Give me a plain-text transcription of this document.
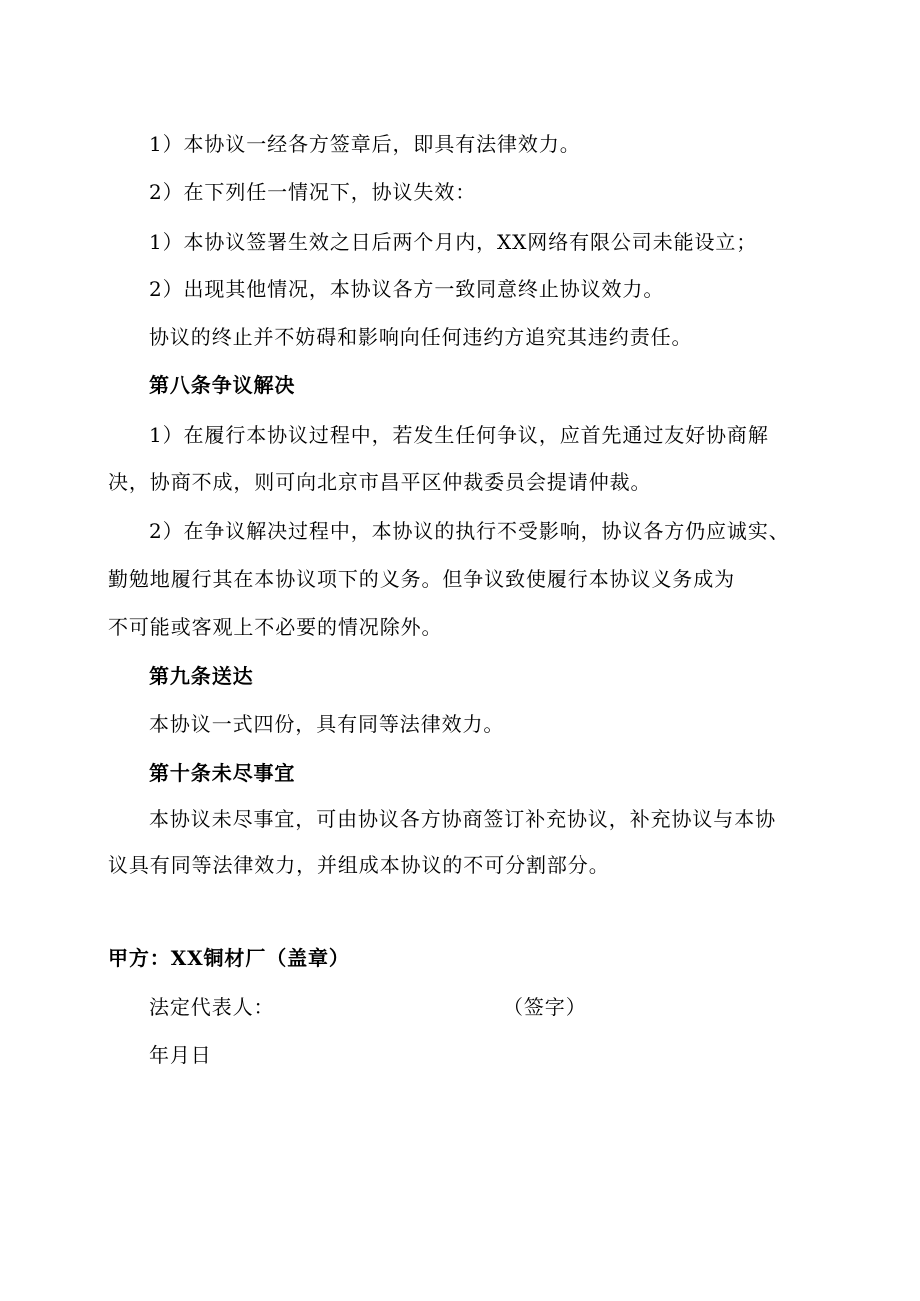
1）本协议一经各方签章后，即具有法律效力。
2）在下列任一情况下，协议失效：
1）本协议签署生效之日后两个月内，XX网络有限公司未能设立；
2）出现其他情况，本协议各方一致同意终止协议效力。
协议的终止并不妨碍和影响向任何违约方追究其违约责任。
第八条争议解决
1）在履行本协议过程中，若发生任何争议，应首先通过友好协商解
决，协商不成，则可向北京市昌平区仲裁委员会提请仲裁。
2）在争议解决过程中，本协议的执行不受影响，协议各方仍应诚实、
勤勉地履行其在本协议项下的义务。但争议致使履行本协议义务成为
不可能或客观上不必要的情况除外。
第九条送达
本协议一式四份，具有同等法律效力。
第十条未尽事宜
本协议未尽事宜，可由协议各方协商签订补充协议，补充协议与本协
议具有同等法律效力，并组成本协议的不可分割部分。
甲方：XX铜材厂（盖章）
法定代表人：	（签字）
年月日
